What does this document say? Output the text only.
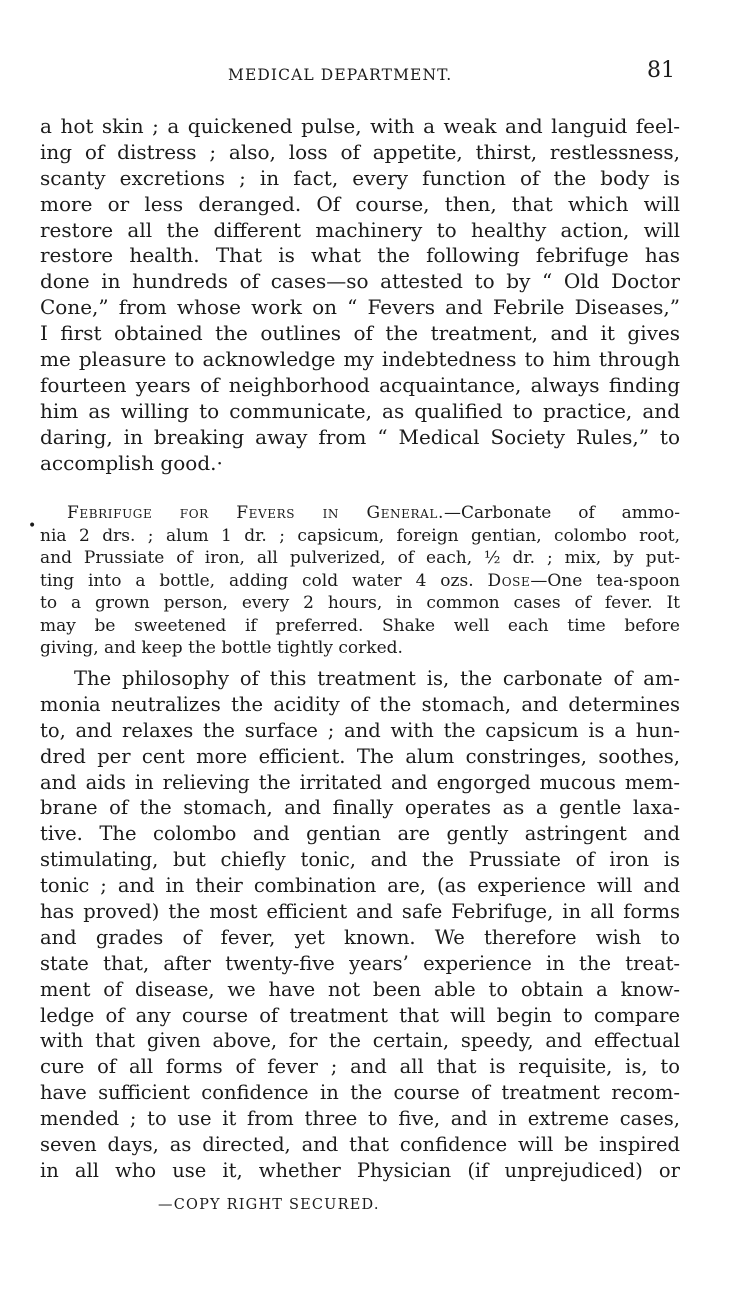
MEDICAL DEPARTMENT.	81
•

a hot skin ; a quickened pulse, with a weak and languid feel-
ing of distress ; also, loss of appetite, thirst, restlessness,
scanty excretions ; in fact, every function of the body is
more or less deranged. Of course, then, that which will
restore all the different machinery to healthy action, will
restore health. That is what the following febrifuge has
done in hundreds of cases—so attested to by “ Old Doctor
Cone,” from whose work on “ Fevers and Febrile Diseases,”
I first obtained the outlines of the treatment, and it gives
me pleasure to acknowledge my indebtedness to him through
fourteen years of neighborhood acquaintance, always finding
him as willing to communicate, as qualified to practice, and
daring, in breaking away from “ Medical Society Rules,” to
accomplish good.·

Febrifuge for Fevers in General.—Carbonate of ammo-
nia 2 drs. ; alum 1 dr. ; capsicum, foreign gentian, colombo root,
and Prussiate of iron, all pulverized, of each, ½ dr. ; mix, by put-
ting into a bottle, adding cold water 4 ozs. Dose—One tea-spoon
to a grown person, every 2 hours, in common cases of fever. It
may be sweetened if preferred. Shake well each time before
giving, and keep the bottle tightly corked.

The philosophy of this treatment is, the carbonate of am-
monia neutralizes the acidity of the stomach, and determines
to, and relaxes the surface ; and with the capsicum is a hun-
dred per cent more efficient. The alum constringes, soothes,
and aids in relieving the irritated and engorged mucous mem-
brane of the stomach, and finally operates as a gentle laxa-
tive. The colombo and gentian are gently astringent and
stimulating, but chiefly tonic, and the Prussiate of iron is
tonic ; and in their combination are, (as experience will and
has proved) the most efficient and safe Febrifuge, in all forms
and grades of fever, yet known. We therefore wish to
state that, after twenty-five years’ experience in the treat-
ment of disease, we have not been able to obtain a know-
ledge of any course of treatment that will begin to compare
with that given above, for the certain, speedy, and effectual
cure of all forms of fever ; and all that is requisite, is, to
have sufficient confidence in the course of treatment recom-
mended ; to use it from three to five, and in extreme cases,
seven days, as directed, and that confidence will be inspired
in all who use it, whether Physician (if unprejudiced) or

—COPY RIGHT SECURED.
